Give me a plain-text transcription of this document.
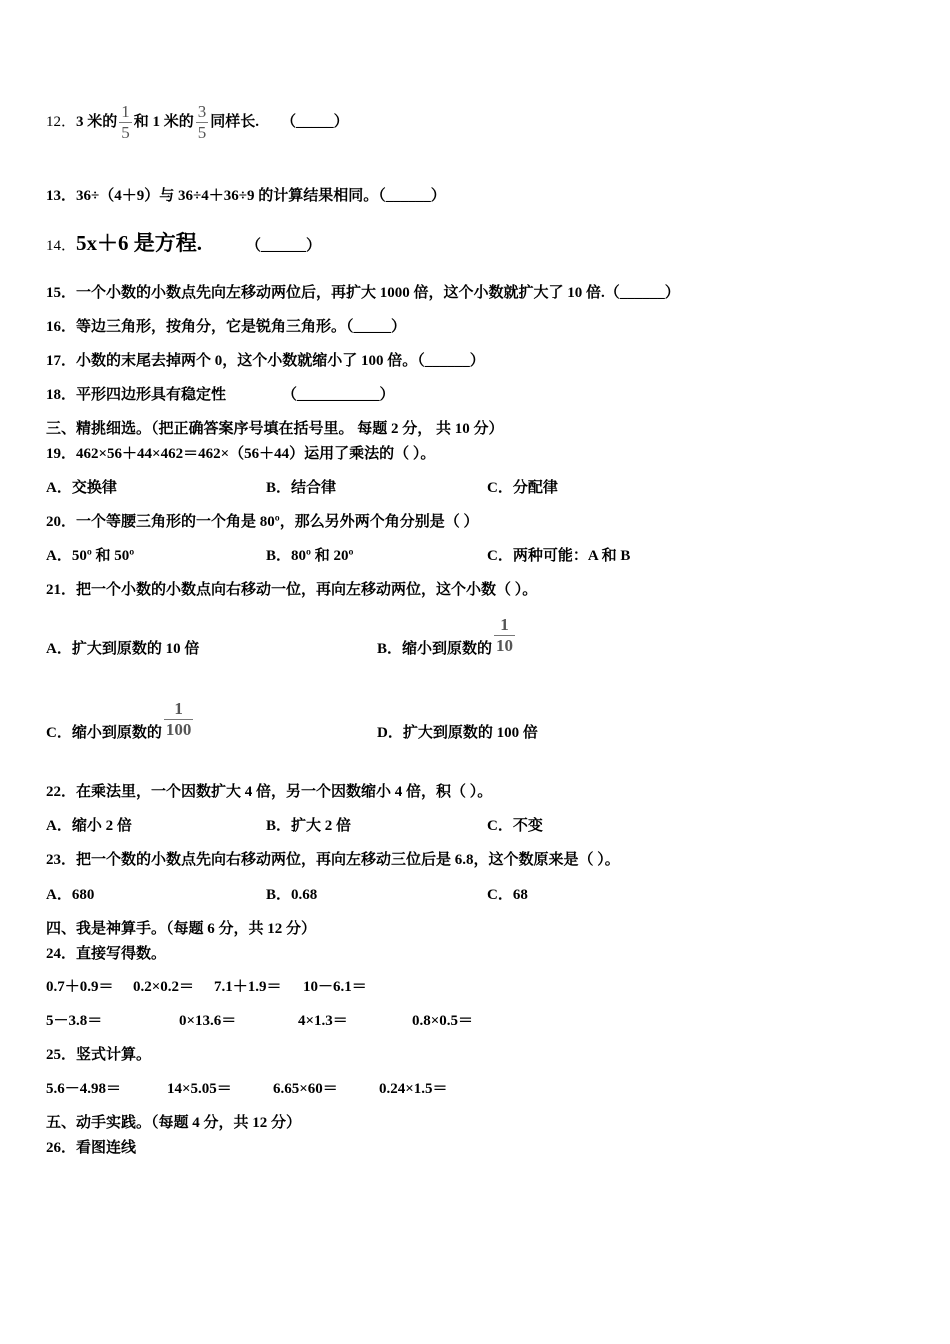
12．3 米的 $\frac{1}{5}$ 和 1 米的 $\frac{3}{5}$ 同样长. （_____）
13．36÷（4＋9）与 36÷4＋36÷9 的计算结果相同。（______）
14．5x＋6 是方程.	（______）
15．一个小数的小数点先向左移动两位后，再扩大 1000 倍，这个小数就扩大了 10 倍.（______）
16．等边三角形，按角分，它是锐角三角形。（_____）
17．小数的末尾去掉两个 0，这个小数就缩小了 100 倍。（______）
18．平形四边形具有稳定性	（___________）
三、精挑细选。（把正确答案序号填在括号里。 每题 2 分， 共 10 分）
19．462×56＋44×462＝462×（56＋44）运用了乘法的（ ）。
A．交换律	B．结合律	C．分配律
20．一个等腰三角形的一个角是 80º，那么另外两个角分别是（ ）
A．50º 和 50º	B．80º 和 20º	C．两种可能：A 和 B
21．把一个小数的小数点向右移动一位，再向左移动两位，这个小数（ ）。
A．扩大到原数的 10 倍	B．缩小到原数的 $\frac{1}{10}$
C．缩小到原数的 $\frac{1}{100}$	D．扩大到原数的 100 倍
22．在乘法里，一个因数扩大 4 倍，另一个因数缩小 4 倍，积（ ）。
A．缩小 2 倍	B．扩大 2 倍	C．不变
23．把一个数的小数点先向右移动两位，再向左移动三位后是 6.8，这个数原来是（ ）。
A．680	B．0.68	C．68
四、我是神算手。（每题 6 分，共 12 分）
24．直接写得数。
0.7＋0.9＝ 0.2×0.2＝ 7.1＋1.9＝ 10－6.1＝
5－3.8＝	0×13.6＝	4×1.3＝	0.8×0.5＝
25．竖式计算。
5.6－4.98＝	14×5.05＝	6.65×60＝	0.24×1.5＝
五、动手实践。（每题 4 分，共 12 分）
26．看图连线
